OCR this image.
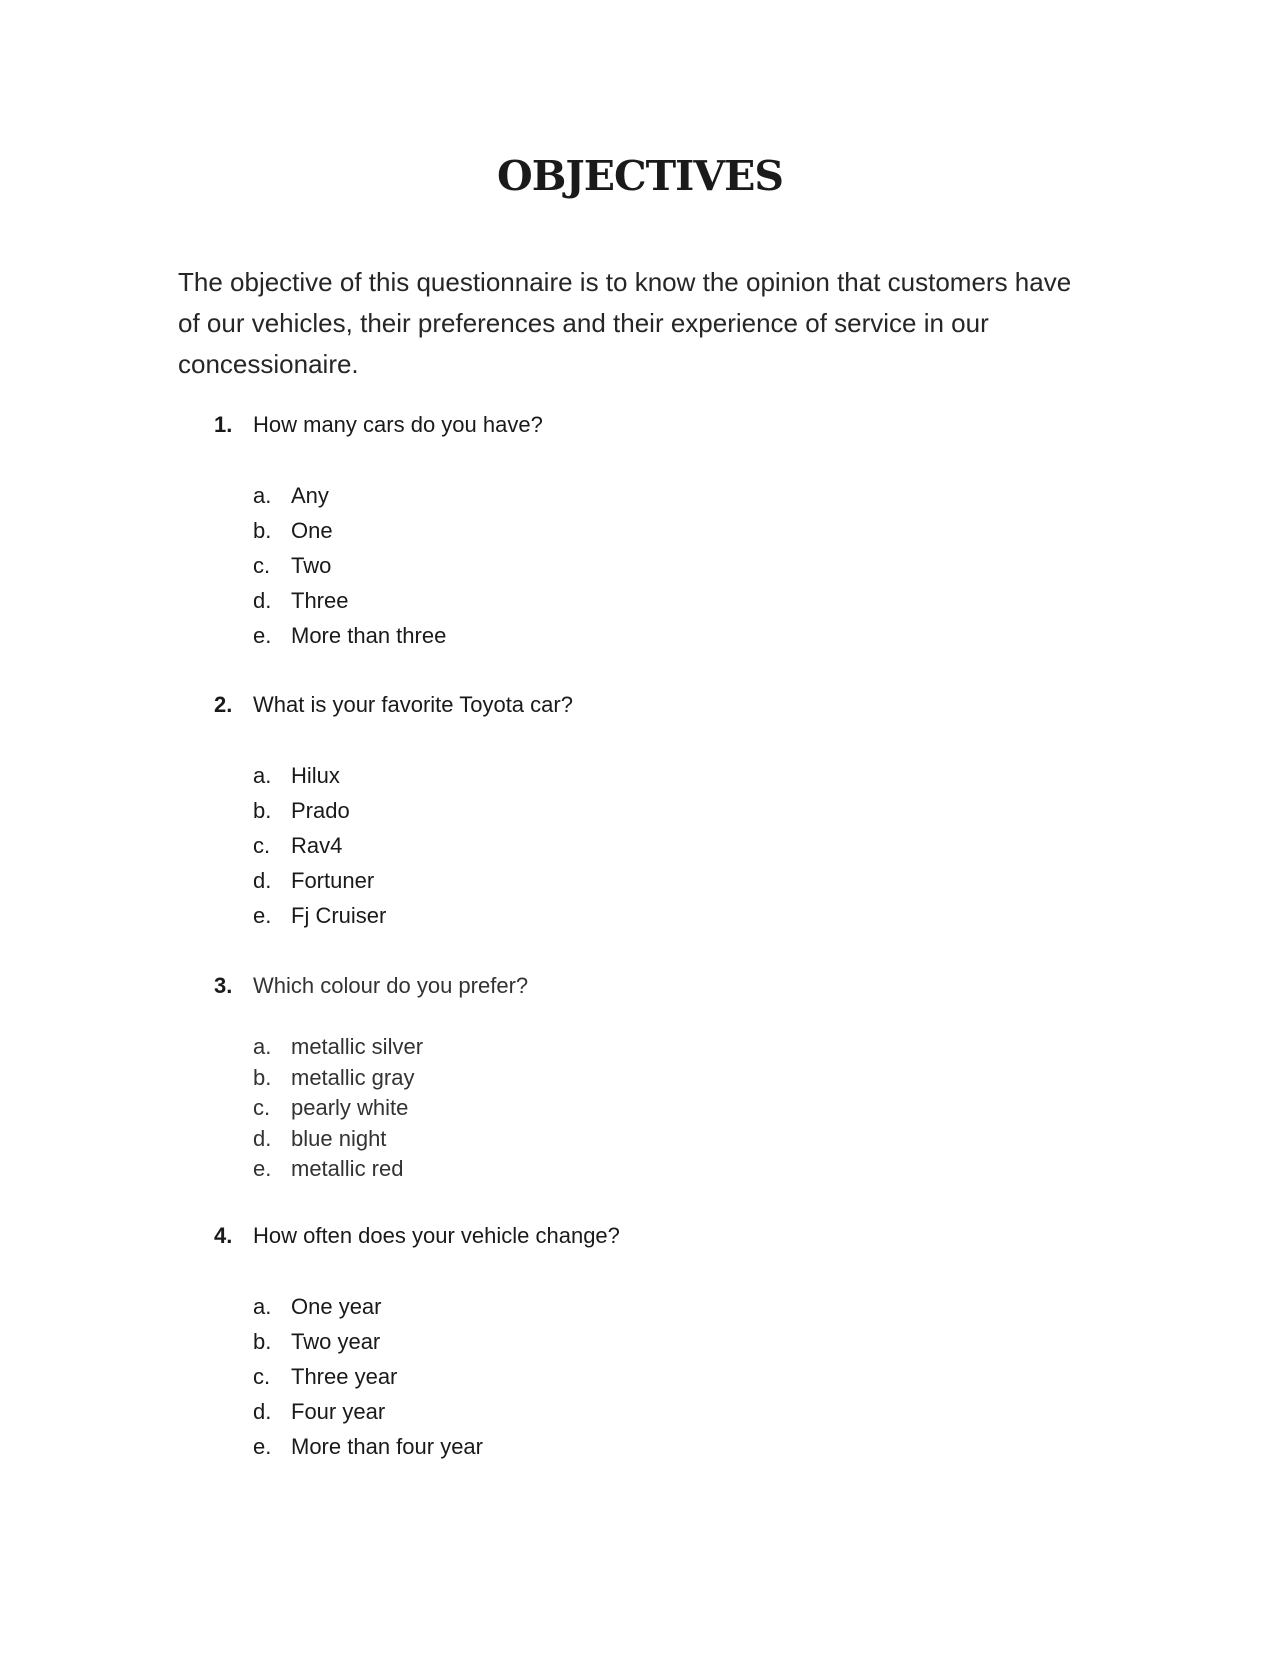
OBJECTIVES

The objective of this questionnaire is to know the opinion that customers have of our vehicles, their preferences and their experience of service in our concessionaire.

1. How many cars do you have?

a. Any
b. One
c. Two
d. Three
e. More than three

2. What is your favorite Toyota car?

a. Hilux
b. Prado
c. Rav4
d. Fortuner
e. Fj Cruiser

3. Which colour do you prefer?

a. metallic silver
b. metallic gray
c. pearly white
d. blue night
e. metallic red

4. How often does your vehicle change?

a. One year
b. Two year
c. Three year
d. Four year
e. More than four year
